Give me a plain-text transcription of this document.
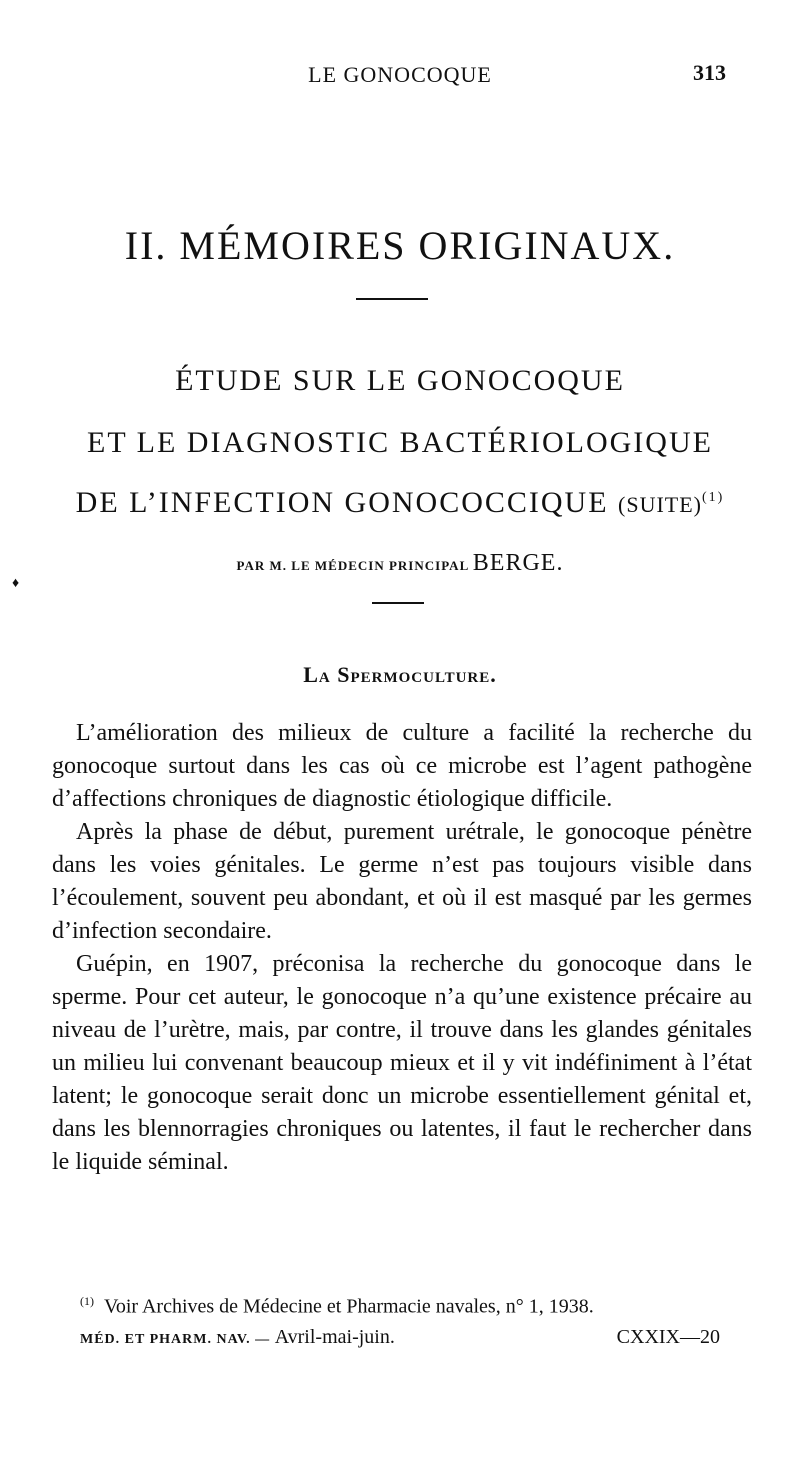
LE GONOCOQUE	313
II. MÉMOIRES ORIGINAUX.
ÉTUDE SUR LE GONOCOQUE
ET LE DIAGNOSTIC BACTÉRIOLOGIQUE
DE L’INFECTION GONOCOCCIQUE (SUITE)$^{(1)}$
PAR M. LE MÉDECIN PRINCIPAL BERGE.
♦
La Spermoculture.

L’amélioration des milieux de culture a facilité la recherche du gonocoque surtout dans les cas où ce microbe est l’agent pathogène d’affections chroniques de diagnostic étiologique difficile.

Après la phase de début, purement urétrale, le gonocoque pénètre dans les voies génitales. Le germe n’est pas toujours visible dans l’écoulement, souvent peu abondant, et où il est masqué par les germes d’infection secondaire.

Guépin, en 1907, préconisa la recherche du gonocoque dans le sperme. Pour cet auteur, le gonocoque n’a qu’une existence précaire au niveau de l’urètre, mais, par contre, il trouve dans les glandes génitales un milieu lui convenant beaucoup mieux et il y vit indéfiniment à l’état latent; le gonocoque serait donc un microbe essentiellement génital et, dans les blennorragies chroniques ou latentes, il faut le rechercher dans le liquide séminal.

$^{(1)}$ Voir Archives de Médecine et Pharmacie navales, n° 1, 1938.
MÉD. ET PHARM. NAV. — Avril-mai-juin.	CXXIX—20
